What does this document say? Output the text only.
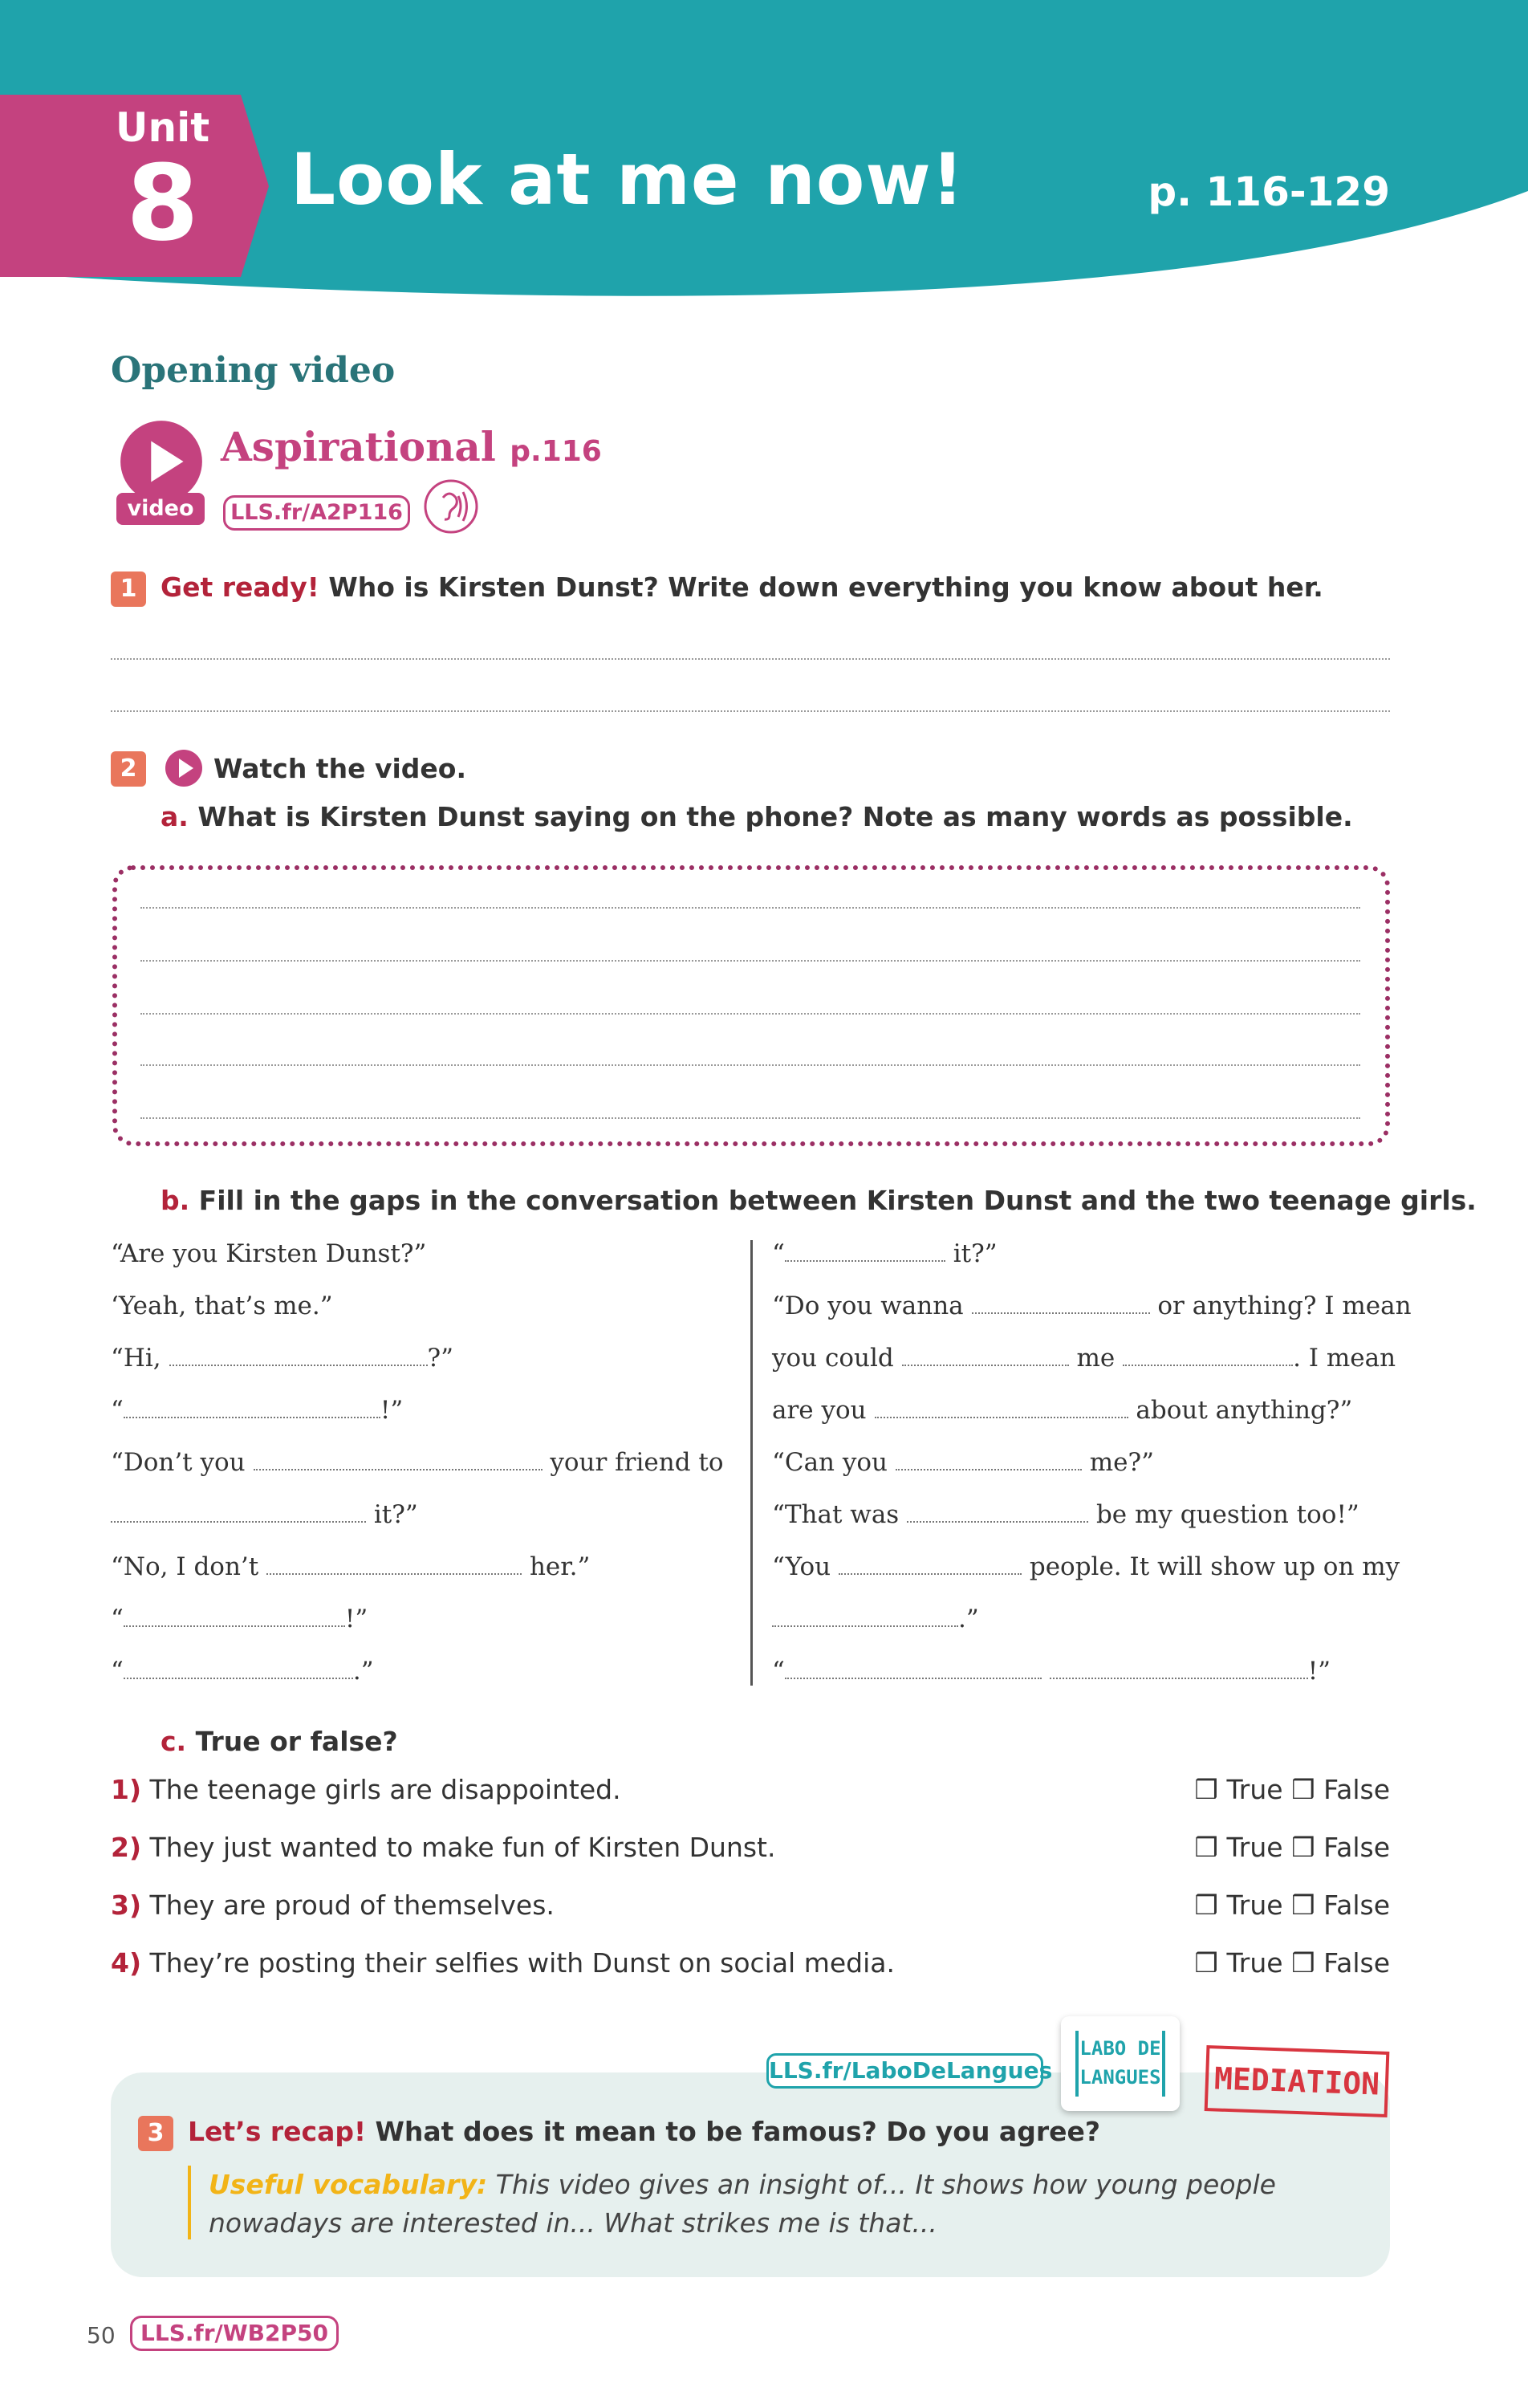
Unit
8	Look at me now!	p. 116-129
Opening video
video
Aspirational p.116
LLS.fr/A2P116
1 Get ready! Who is Kirsten Dunst? Write down everything you know about her.
2	Watch the video.
a. What is Kirsten Dunst saying on the phone? Note as many words as possible.
b. Fill in the gaps in the conversation between Kirsten Dunst and the two teenage girls.
“Are you Kirsten Dunst?”
‘Yeah, that’s me.”
“Hi,	?”
“	!”
“Don’t you	your friend to
it?”
“No, I don’t	her.”
“	!”
“	.”
“	it?”
“Do you wanna	or anything? I mean
you could	me	. I mean
are you	about anything?”
“Can you	me?”
“That was	be my question too!”
“You	people. It will show up on my
.”
“	!”
c. True or false?
1) The teenage girls are disappointed.	❒ True ❒ False
2) They just wanted to make fun of Kirsten Dunst.	❒ True ❒ False
3) They are proud of themselves.	❒ True ❒ False
4) They’re posting their selfies with Dunst on social media.	❒ True ❒ False
LLS.fr/LaboDeLangues
LABO DE
LANGUES	MEDIATION
3 Let’s recap! What does it mean to be famous? Do you agree?
Useful vocabulary: This video gives an insight of... It shows how young people nowadays are interested in... What strikes me is that...
50	LLS.fr/WB2P50
